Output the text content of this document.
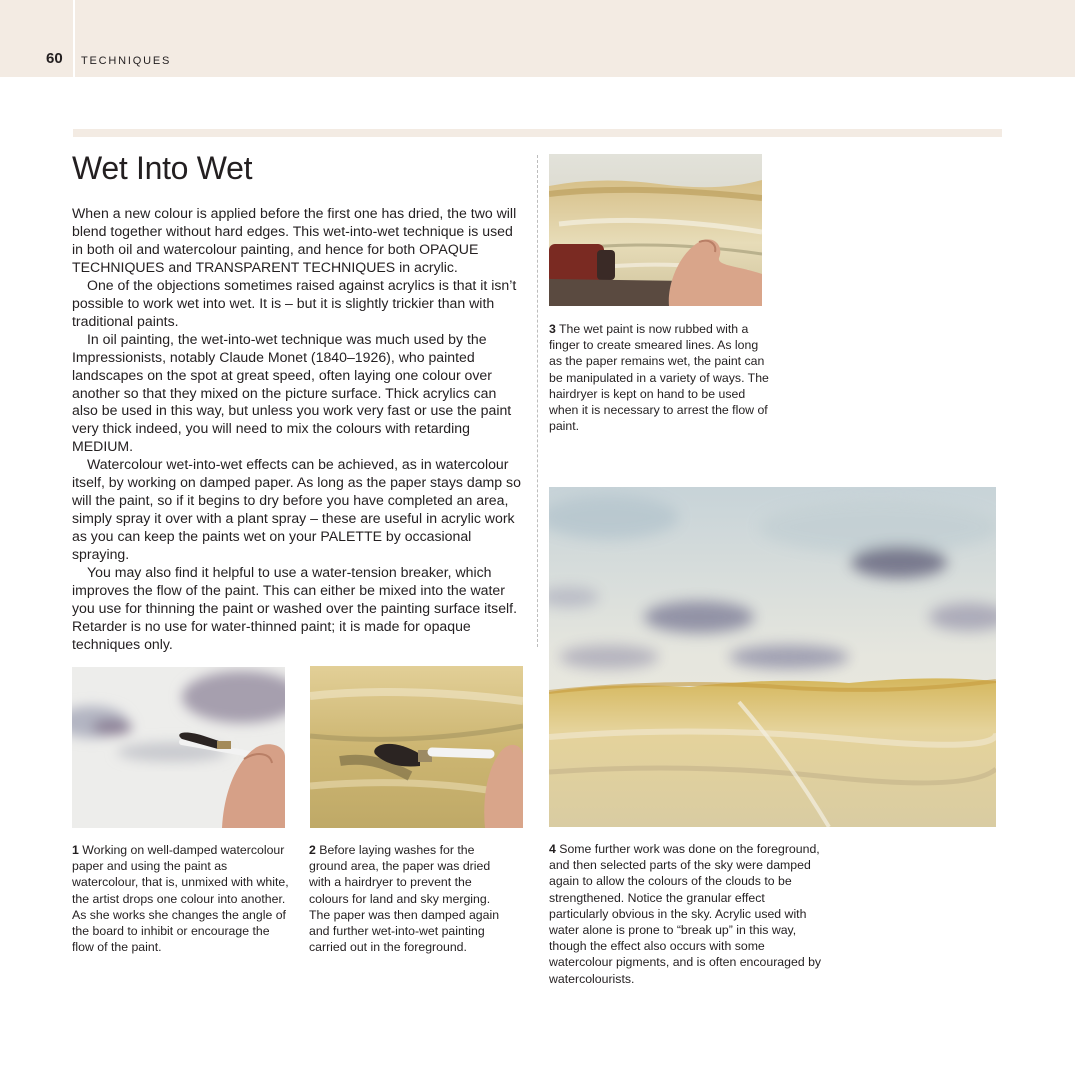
60 TECHNIQUES
Wet Into Wet

When a new colour is applied before the first one has dried, the two will blend together without hard edges. This wet-into-wet technique is used in both oil and watercolour painting, and hence for both OPAQUE TECHNIQUES and TRANSPARENT TECHNIQUES in acrylic.

One of the objections sometimes raised against acrylics is that it isn’t possible to work wet into wet. It is – but it is slightly trickier than with traditional paints.

In oil painting, the wet-into-wet technique was much used by the Impressionists, notably Claude Monet (1840–1926), who painted landscapes on the spot at great speed, often laying one colour over another so that they mixed on the picture surface. Thick acrylics can also be used in this way, but unless you work very fast or use the paint very thick indeed, you will need to mix the colours with retarding MEDIUM.

Watercolour wet-into-wet effects can be achieved, as in watercolour itself, by working on damped paper. As long as the paper stays damp so will the paint, so if it begins to dry before you have completed an area, simply spray it over with a plant spray – these are useful in acrylic work as you can keep the paints wet on your PALETTE by occasional spraying.

You may also find it helpful to use a water-tension breaker, which improves the flow of the paint. This can either be mixed into the water you use for thinning the paint or washed over the painting surface itself. Retarder is no use for water-thinned paint; it is made for opaque techniques only.

3 The wet paint is now rubbed with a finger to create smeared lines. As long as the paper remains wet, the paint can be manipulated in a variety of ways. The hairdryer is kept on hand to be used when it is necessary to arrest the flow of paint.
4 Some further work was done on the foreground, and then selected parts of the sky were damped again to allow the colours of the clouds to be strengthened. Notice the granular effect particularly obvious in the sky. Acrylic used with water alone is prone to “break up” in this way, though the effect also occurs with some watercolour pigments, and is often encouraged by watercolourists.
1 Working on well-damped watercolour paper and using the paint as watercolour, that is, unmixed with white, the artist drops one colour into another. As she works she changes the angle of the board to inhibit or encourage the flow of the paint.
2 Before laying washes for the ground area, the paper was dried with a hairdryer to prevent the colours for land and sky merging. The paper was then damped again and further wet-into-wet painting carried out in the foreground.
